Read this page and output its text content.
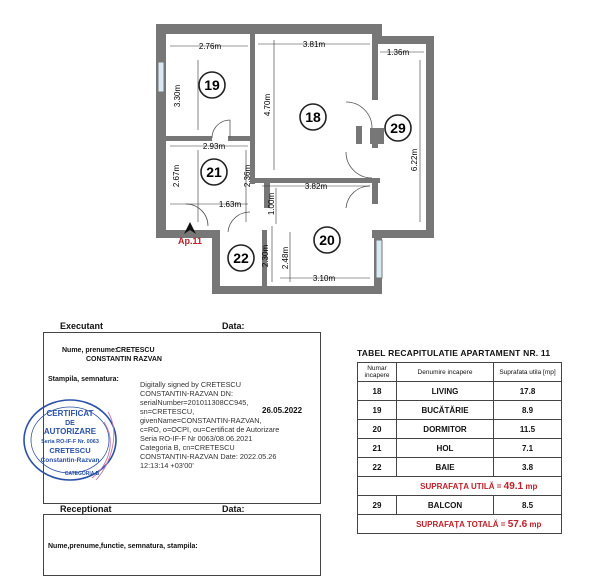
19
18
29
21
20
22
2.76m	3.81m
1.36m
3.30m	4.70m
6.22m
2.93m
2.67m	2.36m	3.82m
1.63m	1.00m
2.30m 2.48m
3.10m
Ap.11
Executant	Data:
Nume, prenume:
CRETESCU
CONSTANTIN RAZVAN
Stampila, semnatura:
Digitally signed by CRETESCU CONSTANTIN-RAZVAN DN: serialNumber=201011308CC945, sn=CRETESCU, givenName=CONSTANTIN-RAZVAN, c=RO, o=OCPI, ou=Certificat de Autorizare Seria RO-IF-F Nr 0063/08.06.2021 Categoria B, cn=CRETESCU CONSTANTIN-RAZVAN Date: 2022.05.26 12:13:14 +03'00'
26.05.2022
CERTIFICAT
DE
AUTORIZARE
Seria RO-IF-F Nr. 0063
CRETESCU
Constantin-Razvan
CATEGORIA B
Receptionat	Data:
Nume,prenume,functie, semnatura, stampila:
TABEL RECAPITULATIE APARTAMENT NR. 11
Numar incapere	Denumire incapere	Suprafata utila [mp]
18	LIVING	17.8
19	BUCĂTĂRIE	8.9
20	DORMITOR	11.5
21	HOL	7.1
22	BAIE	3.8
	SUPRAFAȚA UTILĂ = 49.1 mp	
29	BALCON	8.5
	SUPRAFAȚA TOTALĂ = 57.6 mp	
